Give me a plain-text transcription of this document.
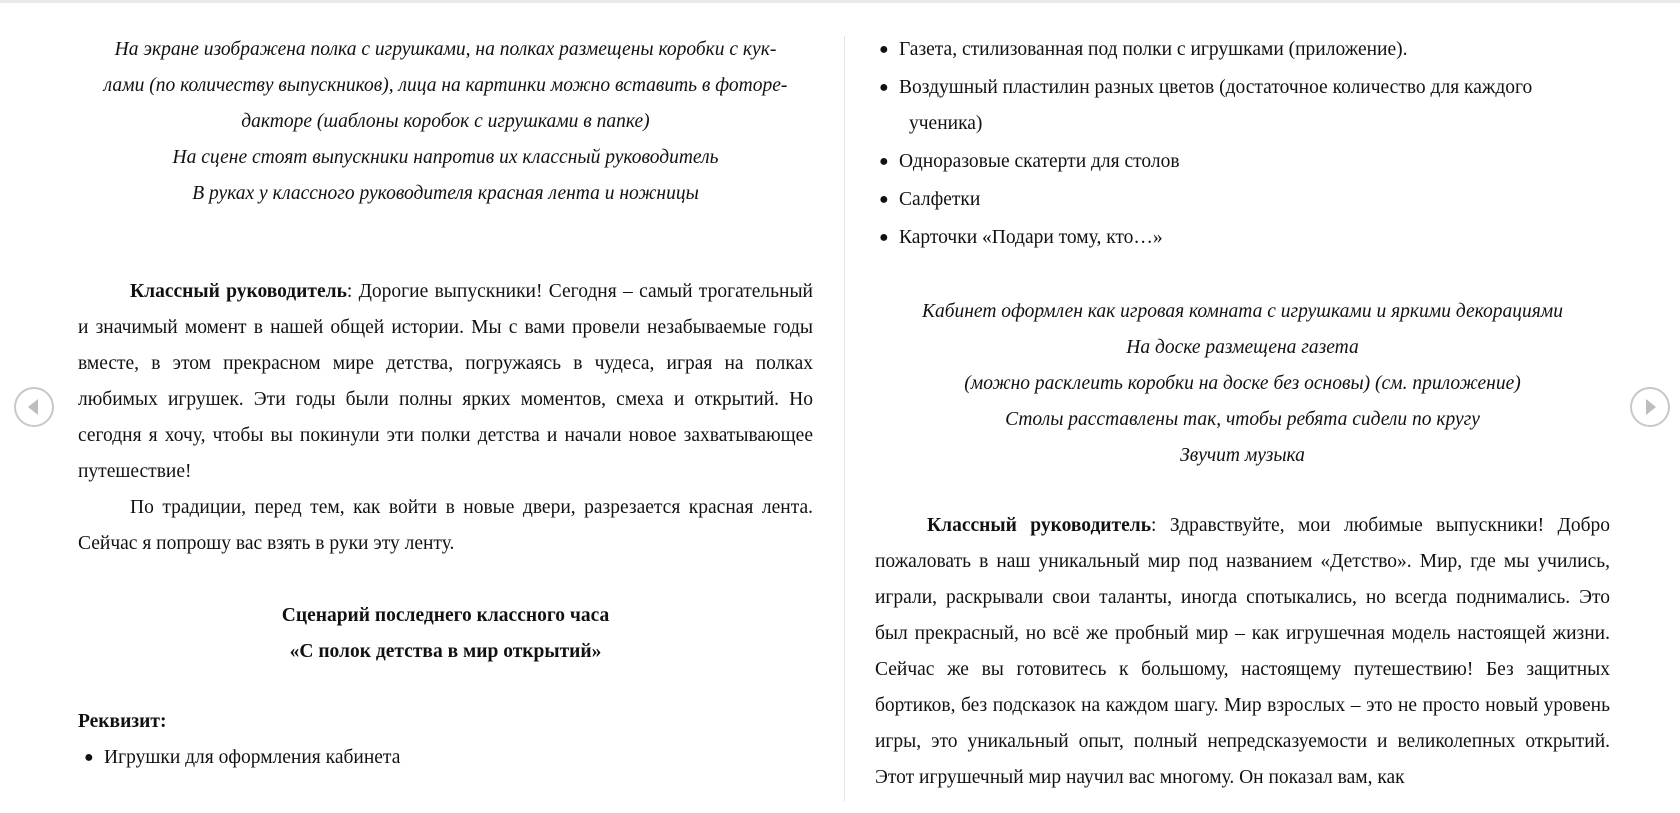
На экране изображена полка с игрушками, на полках размещены коробки с кук-

лами (по количеству выпускников), лица на картинки можно вставить в фоторе-

дакторе (шаблоны коробок с игрушками в папке)

На сцене стоят выпускники напротив их классный руководитель

В руках у классного руководителя красная лента и ножницы

Классный руководитель: Дорогие выпускники! Сегодня – самый трогательный и значимый момент в нашей общей истории. Мы с вами провели незабываемые годы вместе, в этом прекрасном мире детства, погружаясь в чудеса, играя на полках любимых игрушек. Эти годы были полны ярких моментов, смеха и открытий. Но сегодня я хочу, чтобы вы покинули эти полки детства и начали новое захватывающее путешествие!

По традиции, перед тем, как войти в новые двери, разрезается красная лента. Сейчас я попрошу вас взять в руки эту ленту.

Сценарий последнего классного часа

«С полок детства в мир открытий»

Реквизит:

● Игрушки для оформления кабинета
● Газета, стилизованная под полки с игрушками (приложение).
● Воздушный пластилин разных цветов (достаточное количество для каждого
ученика)
● Одноразовые скатерти для столов
● Салфетки
● Карточки «Подари тому, кто…»

Кабинет оформлен как игровая комната с игрушками и яркими декорациями

На доске размещена газета

(можно расклеить коробки на доске без основы) (см. приложение)

Столы расставлены так, чтобы ребята сидели по кругу

Звучит музыка

Классный руководитель: Здравствуйте, мои любимые выпускники! Добро пожаловать в наш уникальный мир под названием «Детство». Мир, где мы учились, играли, раскрывали свои таланты, иногда спотыкались, но всегда поднимались. Это был прекрасный, но всё же пробный мир – как игрушечная модель настоящей жизни. Сейчас же вы готовитесь к большому, настоящему путешествию! Без защитных бортиков, без подсказок на каждом шагу. Мир взрослых – это не просто новый уровень игры, это уникальный опыт, полный непредсказуемости и великолепных открытий. Этот игрушечный мир научил вас многому. Он показал вам, как
